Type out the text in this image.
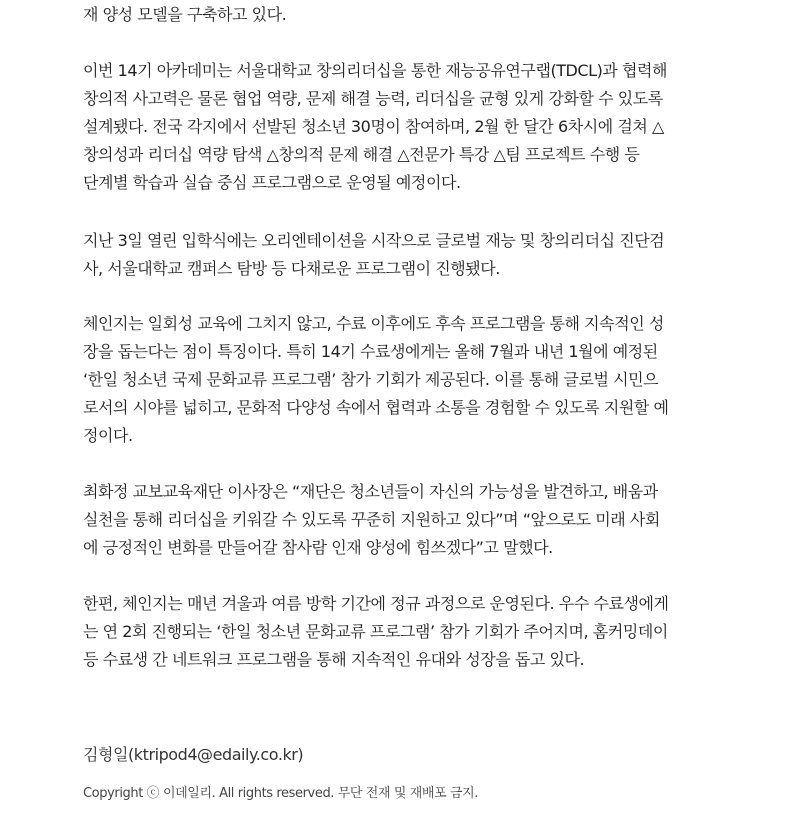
재 양성 모델을 구축하고 있다.
이번 14기 아카데미는 서울대학교 창의리더십을 통한 재능공유연구랩(TDCL)과 협력해
창의적 사고력은 물론 협업 역량, 문제 해결 능력, 리더십을 균형 있게 강화할 수 있도록
설계됐다. 전국 각지에서 선발된 청소년 30명이 참여하며, 2월 한 달간 6차시에 걸쳐 △
창의성과 리더십 역량 탐색 △창의적 문제 해결 △전문가 특강 △팀 프로젝트 수행 등
단계별 학습과 실습 중심 프로그램으로 운영될 예정이다.
지난 3일 열린 입학식에는 오리엔테이션을 시작으로 글로벌 재능 및 창의리더십 진단검
사, 서울대학교 캠퍼스 탐방 등 다채로운 프로그램이 진행됐다.
체인지는 일회성 교육에 그치지 않고, 수료 이후에도 후속 프로그램을 통해 지속적인 성
장을 돕는다는 점이 특징이다. 특히 14기 수료생에게는 올해 7월과 내년 1월에 예정된
‘한일 청소년 국제 문화교류 프로그램’ 참가 기회가 제공된다. 이를 통해 글로벌 시민으
로서의 시야를 넓히고, 문화적 다양성 속에서 협력과 소통을 경험할 수 있도록 지원할 예
정이다.
최화정 교보교육재단 이사장은 “재단은 청소년들이 자신의 가능성을 발견하고, 배움과
실천을 통해 리더십을 키워갈 수 있도록 꾸준히 지원하고 있다”며 “앞으로도 미래 사회
에 긍정적인 변화를 만들어갈 참사람 인재 양성에 힘쓰겠다”고 말했다.
한편, 체인지는 매년 겨울과 여름 방학 기간에 정규 과정으로 운영된다. 우수 수료생에게
는 연 2회 진행되는 ‘한일 청소년 문화교류 프로그램’ 참가 기회가 주어지며, 홈커밍데이
등 수료생 간 네트워크 프로그램을 통해 지속적인 유대와 성장을 돕고 있다.
김형일(ktripod4@edaily.co.kr)
Copyright ⓒ 이데일리. All rights reserved. 무단 전재 및 재배포 금지.
